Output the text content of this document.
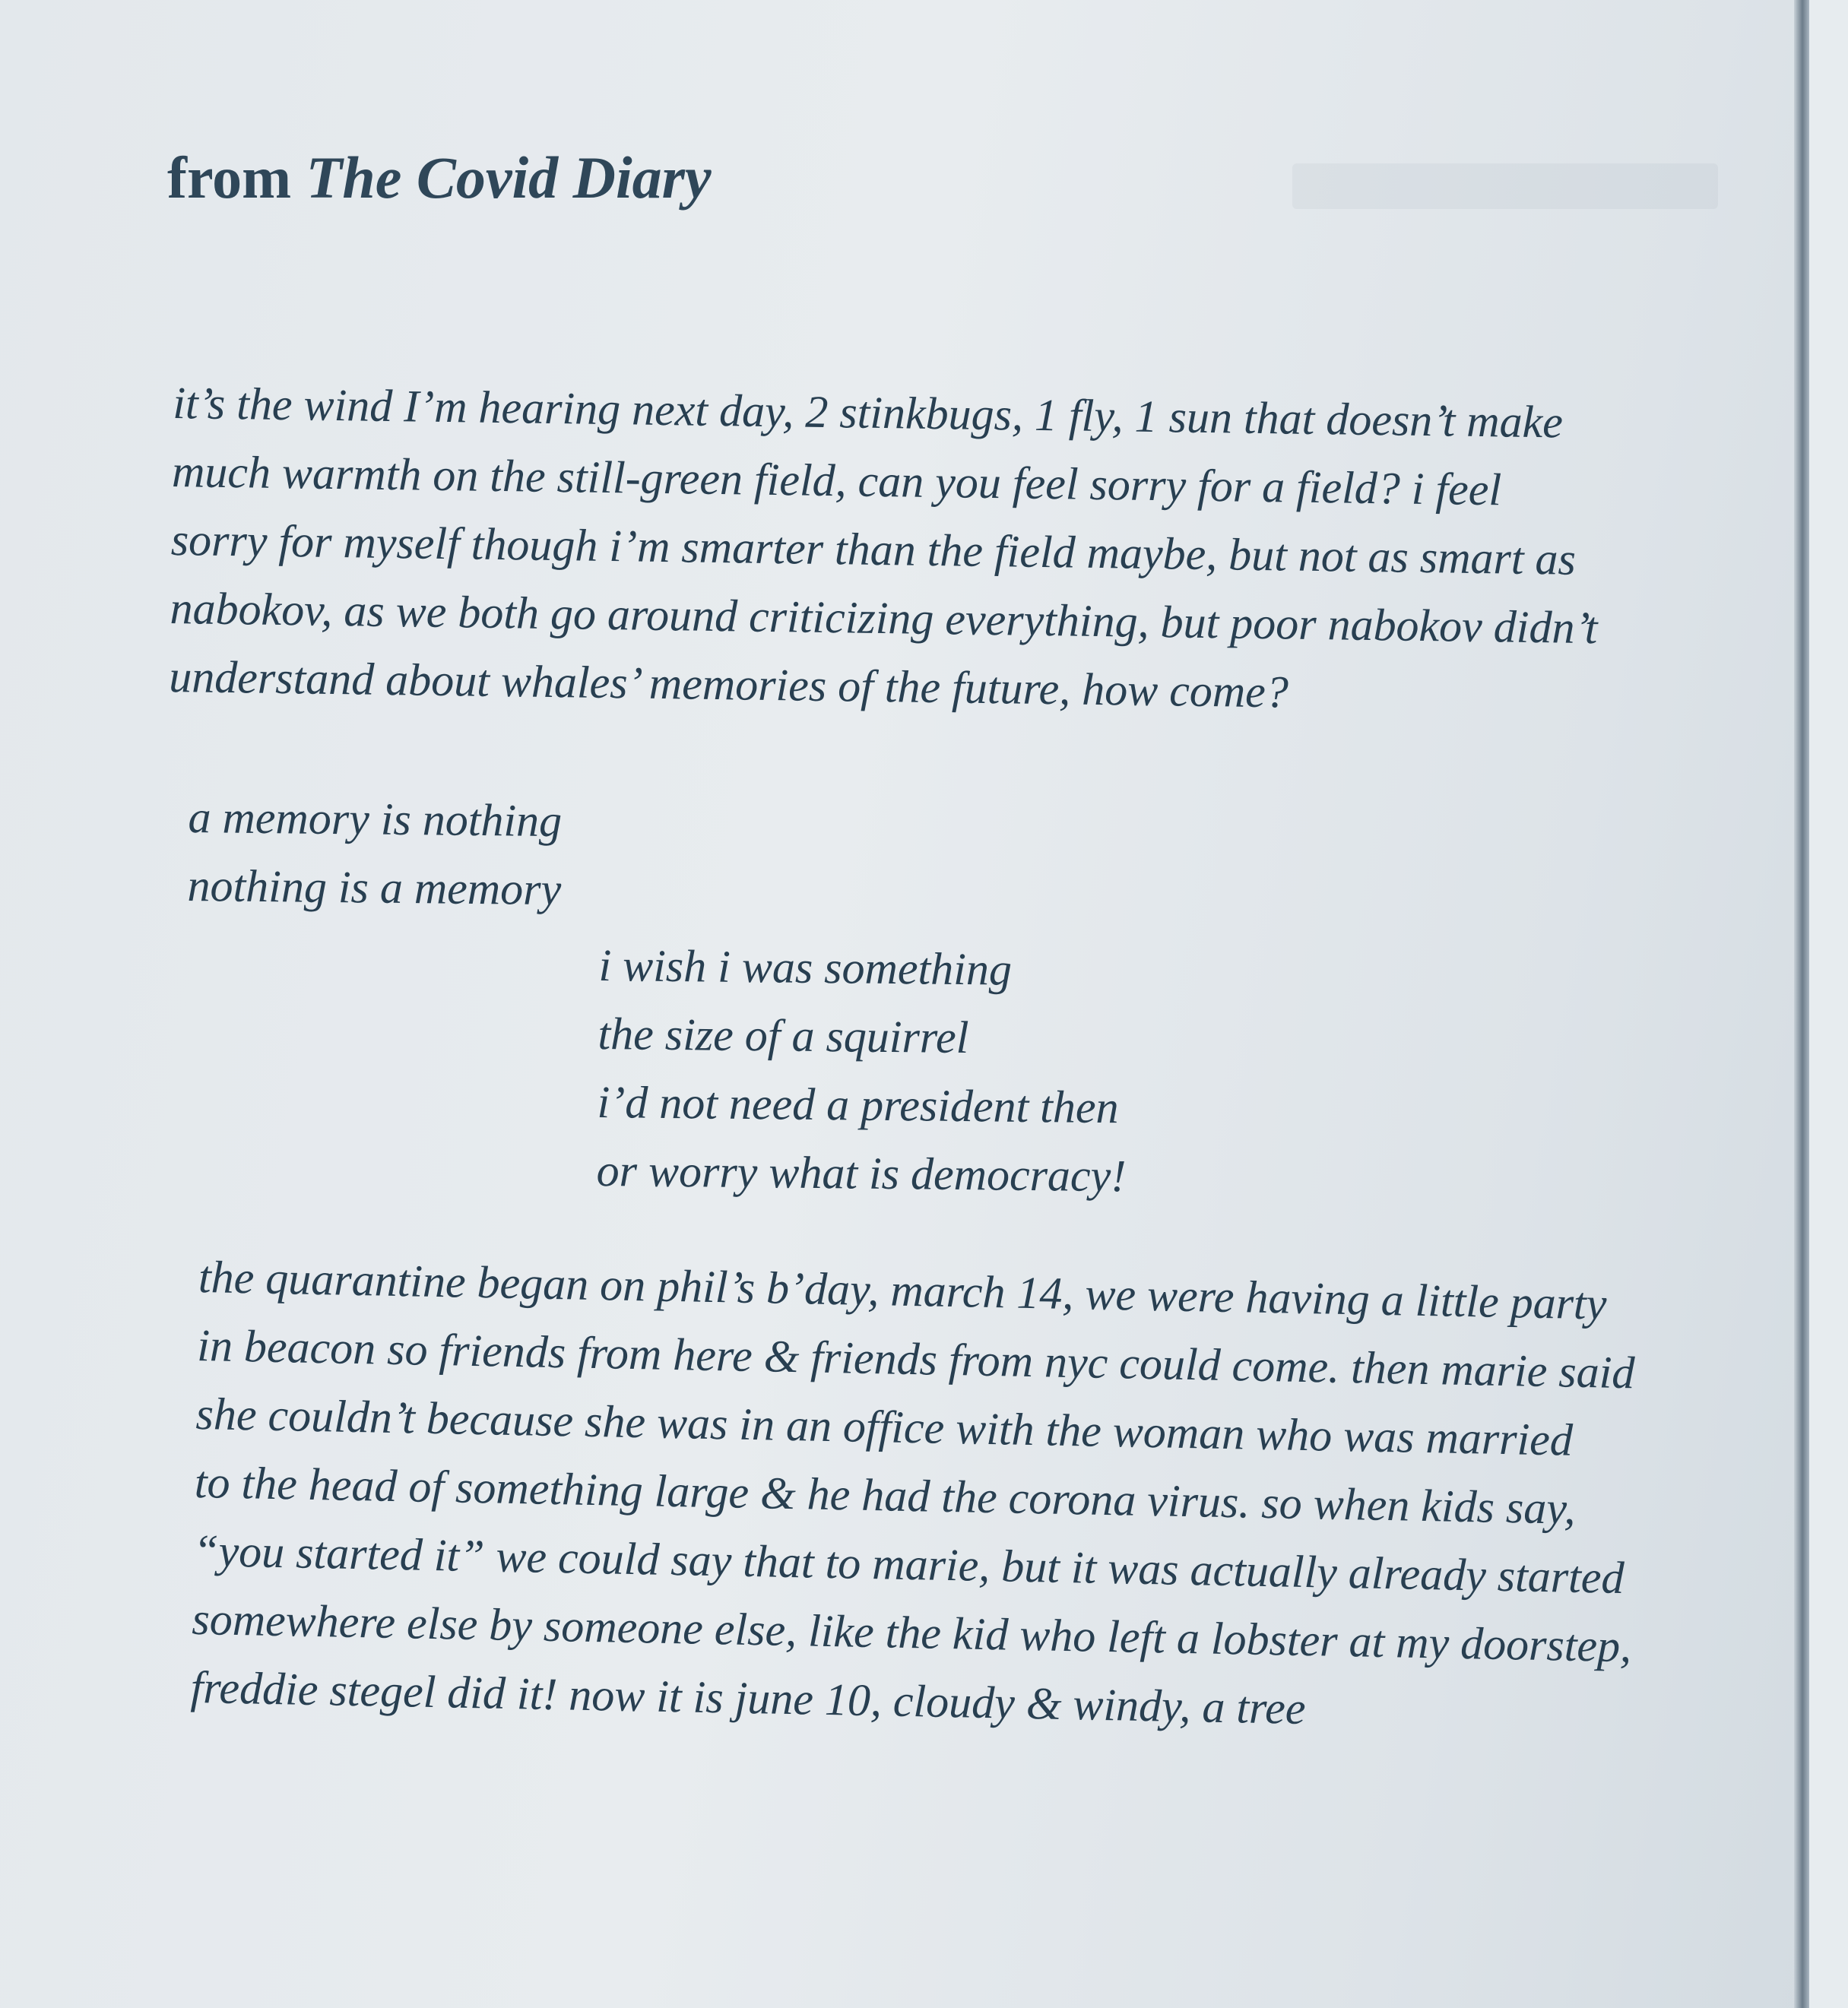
from The Covid Diary
it’s the wind I’m hearing next day, 2 stinkbugs, 1 fly, 1 sun that doesn’t make
much warmth on the still-green field, can you feel sorry for a field? i feel
sorry for myself though i’m smarter than the field maybe, but not as smart as
nabokov, as we both go around criticizing everything, but poor nabokov didn’t
understand about whales’ memories of the future, how come?
a memory is nothing
nothing is a memory
i wish i was something
the size of a squirrel
i’d not need a president then
or worry what is democracy!
the quarantine began on phil’s b’day, march 14, we were having a little party
in beacon so friends from here & friends from nyc could come. then marie said
she couldn’t because she was in an office with the woman who was married
to the head of something large & he had the corona virus. so when kids say,
“you started it” we could say that to marie, but it was actually already started
somewhere else by someone else, like the kid who left a lobster at my doorstep,
freddie stegel did it! now it is june 10, cloudy & windy, a tree
